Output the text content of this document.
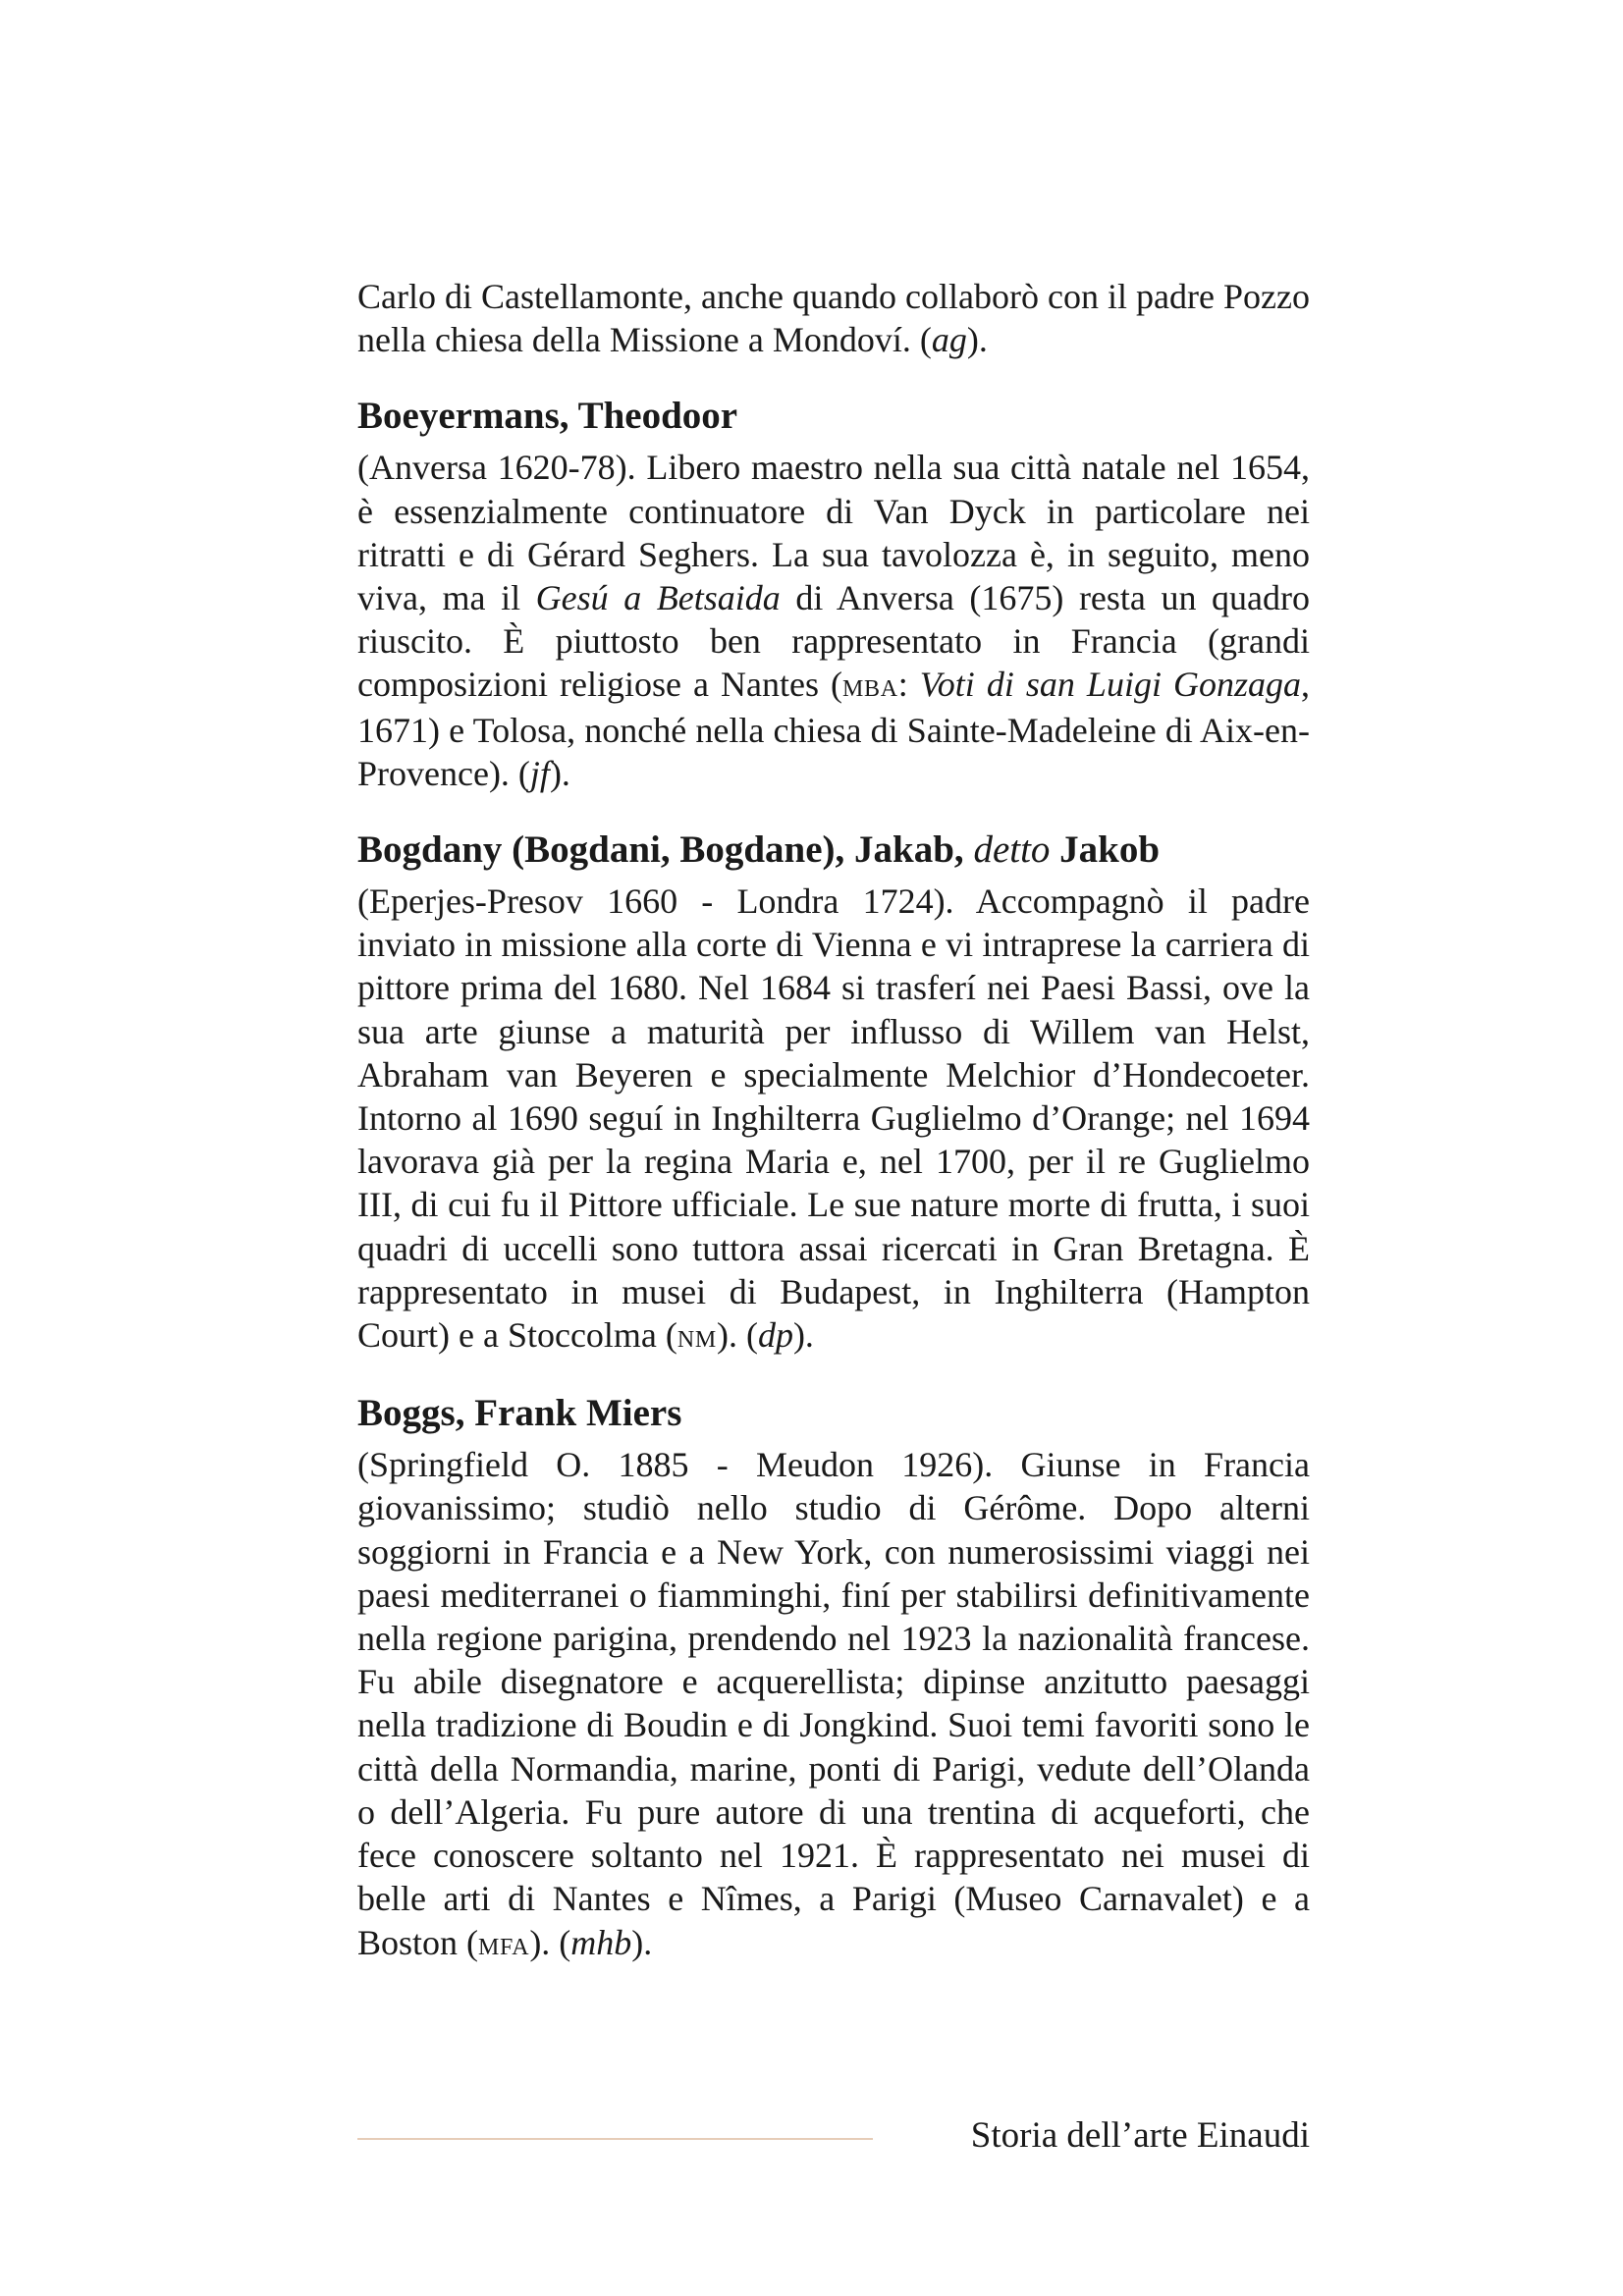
Carlo di Castellamonte, anche quando collaborò con il padre Pozzo nella chiesa della Missione a Mondoví. (ag).

Boeyermans, Theodoor

(Anversa 1620-78). Libero maestro nella sua città natale nel 1654, è essenzialmente continuatore di Van Dyck in particolare nei ritratti e di Gérard Seghers. La sua tavolozza è, in seguito, meno viva, ma il Gesú a Betsaida di Anversa (1675) resta un quadro riuscito. È piuttosto ben rappresentato in Francia (grandi composizioni religiose a Nantes (mba: Voti di san Luigi Gonzaga, 1671) e Tolosa, nonché nella chiesa di Sainte-Madeleine di Aix-en-Provence). (jf).

Bogdany (Bogdani, Bogdane), Jakab, detto Jakob

(Eperjes-Presov 1660 - Londra 1724). Accompagnò il padre inviato in missione alla corte di Vienna e vi intraprese la carriera di pittore prima del 1680. Nel 1684 si trasferí nei Paesi Bassi, ove la sua arte giunse a maturità per influsso di Willem van Helst, Abraham van Beyeren e specialmente Melchior d’Hondecoeter. Intorno al 1690 seguí in Inghilterra Guglielmo d’Orange; nel 1694 lavorava già per la regina Maria e, nel 1700, per il re Guglielmo III, di cui fu il Pittore ufficiale. Le sue nature morte di frutta, i suoi quadri di uccelli sono tuttora assai ricercati in Gran Bretagna. È rappresentato in musei di Budapest, in Inghilterra (Hampton Court) e a Stoccolma (nm). (dp).

Boggs, Frank Miers

(Springfield O. 1885 - Meudon 1926). Giunse in Francia giovanissimo; studiò nello studio di Gérôme. Dopo alterni soggiorni in Francia e a New York, con numerosissimi viaggi nei paesi mediterranei o fiamminghi, finí per stabilirsi definitivamente nella regione parigina, prendendo nel 1923 la nazionalità francese. Fu abile disegnatore e acquerellista; dipinse anzitutto paesaggi nella tradizione di Boudin e di Jongkind. Suoi temi favoriti sono le città della Normandia, marine, ponti di Parigi, vedute dell’Olanda o dell’Algeria. Fu pure autore di una trentina di acqueforti, che fece conoscere soltanto nel 1921. È rappresentato nei musei di belle arti di Nantes e Nîmes, a Parigi (Museo Carnavalet) e a Boston (mfa). (mhb).

Storia dell’arte Einaudi
